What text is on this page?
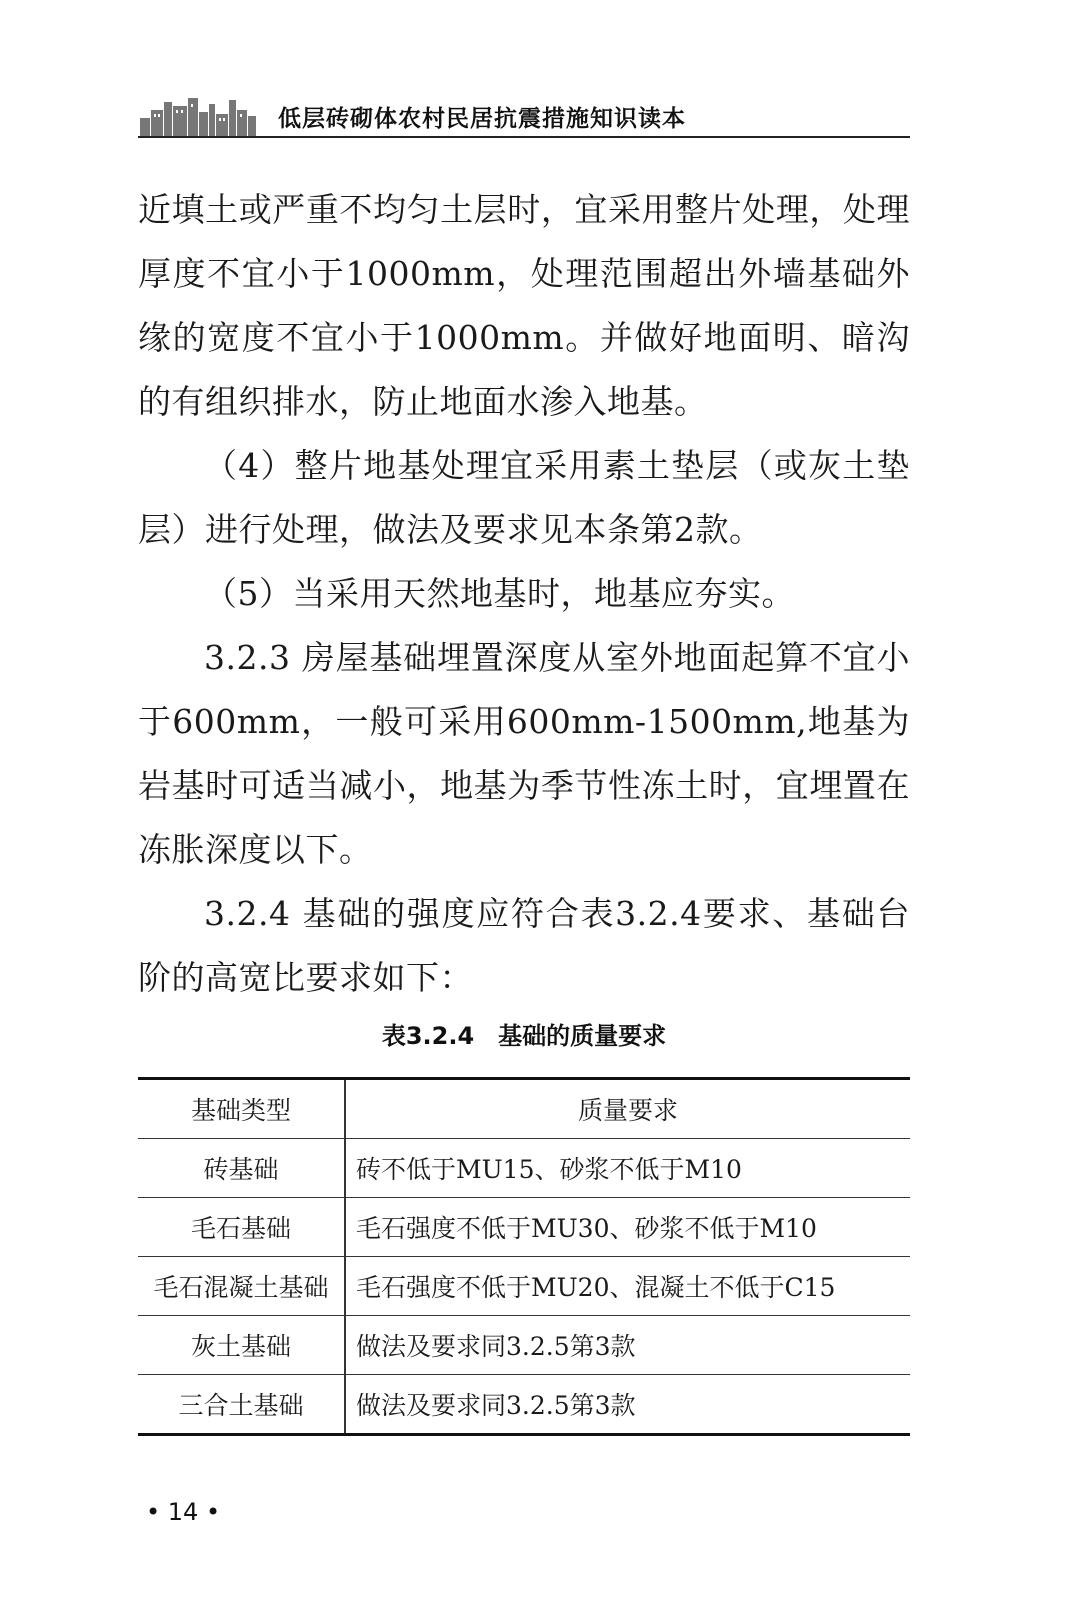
低层砖砌体农村民居抗震措施知识读本

近填土或严重不均匀土层时，宜采用整片处理，处理厚度不宜小于1000mm，处理范围超出外墙基础外缘的宽度不宜小于1000mm。并做好地面明、暗沟的有组织排水，防止地面水渗入地基。

（4）整片地基处理宜采用素土垫层（或灰土垫层）进行处理，做法及要求见本条第2款。

（5）当采用天然地基时，地基应夯实。

3.2.3 房屋基础埋置深度从室外地面起算不宜小于600mm，一般可采用600mm-1500mm,地基为岩基时可适当减小，地基为季节性冻土时，宜埋置在冻胀深度以下。

3.2.4 基础的强度应符合表3.2.4要求、基础台阶的高宽比要求如下：

表3.2.4　基础的质量要求
基础类型	质量要求
砖基础	砖不低于MU15、砂浆不低于M10
毛石基础	毛石强度不低于MU30、砂浆不低于M10
毛石混凝土基础	毛石强度不低于MU20、混凝土不低于C15
灰土基础	做法及要求同3.2.5第3款
三合土基础	做法及要求同3.2.5第3款
• 14 •
